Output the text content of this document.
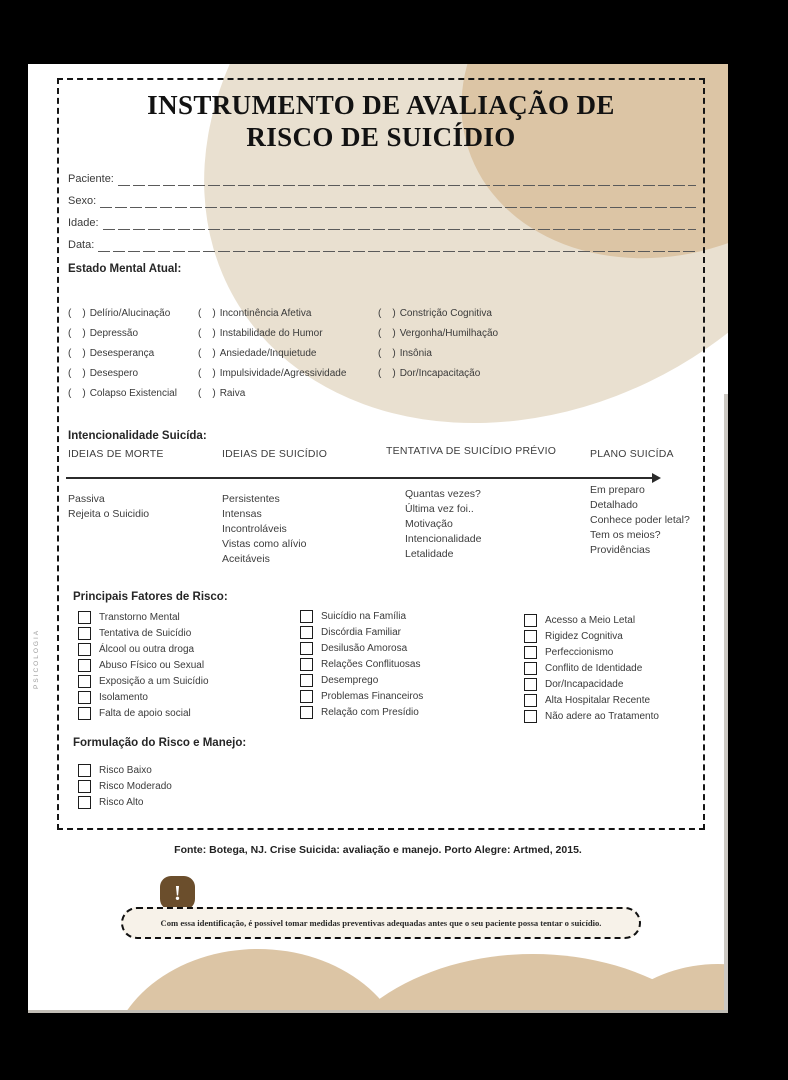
PSICOLOGIA
INSTRUMENTO DE AVALIAÇÃO DE
RISCO DE SUICÍDIO
Paciente:
Sexo:
Idade:
Data:
Estado Mental Atual:
( ) Delírio/Alucinação
( ) Depressão
( ) Desesperança
( ) Desespero
( ) Colapso Existencial
( ) Incontinência Afetiva
( ) Instabilidade do Humor
( ) Ansiedade/Inquietude
( ) Impulsividade/Agressividade
( ) Raiva
( ) Constrição Cognitiva
( ) Vergonha/Humilhação
( ) Insônia
( ) Dor/Incapacitação
Intencionalidade Suicída:
IDEIAS DE MORTE	IDEIAS DE SUICÍDIO	TENTATIVA DE SUICÍDIO PRÉVIO	PLANO SUICÍDA
Passiva
Rejeita o Suicidio
Persistentes
Intensas
Incontroláveis
Vistas como alívio
Aceitáveis
Quantas vezes?
Última vez foi..
Motivação
Intencionalidade
Letalidade
Em preparo
Detalhado
Conhece poder letal?
Tem os meios?
Providências
Principais Fatores de Risco:
Transtorno Mental
Tentativa de Suicídio
Álcool ou outra droga
Abuso Físico ou Sexual
Exposição a um Suicídio
Isolamento
Falta de apoio social
Suicídio na Família
Discórdia Familiar
Desilusão Amorosa
Relações Conflituosas
Desemprego
Problemas Financeiros
Relação com Presídio
Acesso a Meio Letal
Rigidez Cognitiva
Perfeccionismo
Conflito de Identidade
Dor/Incapacidade
Alta Hospitalar Recente
Não adere ao Tratamento
Formulação do Risco e Manejo:
Risco Baixo
Risco Moderado
Risco Alto
Fonte: Botega, NJ. Crise Suicida: avaliação e manejo. Porto Alegre: Artmed, 2015.
!
Com essa identificação, é possível tomar medidas preventivas adequadas antes que o seu paciente possa tentar o suicídio.
